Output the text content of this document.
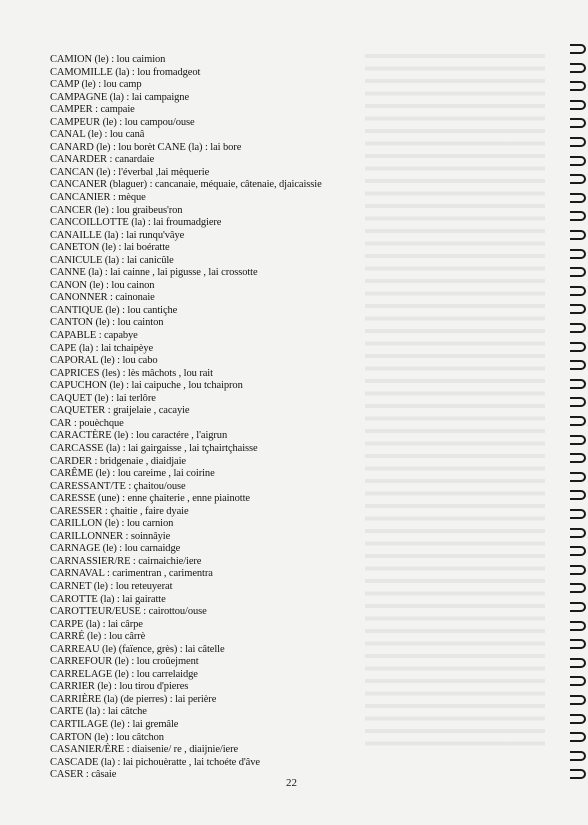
CAMION (le) : lou caimion
CAMOMILLE (la) : lou fromadgeot
CAMP (le) : lou camp
CAMPAGNE (la) : lai campaigne
CAMPER : campaie
CAMPEUR (le) : lou campou/ouse
CANAL (le) : lou canâ
CANARD (le) : lou borèt CANE (la) : lai bore
CANARDER : canardaie
CANCAN (le) : l'éverbal ,lai mèquerie
CANCANER (blaguer) : cancanaie, méquaie, câtenaie, djaicaissie
CANCANIER : mèque
CANCER (le) : lou graibeus'ron
CANCOILLOTTE (la) : lai froumadgiere
CANAILLE (la) : lai runqu'vâye
CANETON (le) : lai boératte
CANICULE (la) : lai canicûle
CANNE (la) : lai cainne , lai pigusse , lai crossotte
CANON (le) : lou cainon
CANONNER : cainonaie
CANTIQUE (le) : lou cantiçhe
CANTON (le) : lou cainton
CAPABLE : capabye
CAPE (la) : lai tchaipèye
CAPORAL (le) : lou cabo
CAPRICES (les) : lès mâchots , lou rait
CAPUCHON (le) : lai caipuche , lou tchaipron
CAQUET (le) : lai terlôre
CAQUETER : graijelaie , cacayie
CAR : pouèchque
CARACTÈRE (le) : lou caractére , l'aigrun
CARCASSE (la) : lai gairgaisse , lai tçhairtçhaisse
CARDER : bridgenaie , diaidjaie
CARÊME (le) : lou careime , lai coirine
CARESSANT/TE : çhaitou/ouse
CARESSE (une) : enne çhaiterie , enne piainotte
CARESSER : çhaitie , faire dyaie
CARILLON (le) : lou carnion
CARILLONNER : soinnâyie
CARNAGE (le) : lou carnaidge
CARNASSIER/RE : cairnaichie/iere
CARNAVAL : carimentran , carimentra
CARNET (le) : lou reteuyerat
CAROTTE (la) : lai gairatte
CAROTTEUR/EUSE : cairottou/ouse
CARPE (la) : lai cârpe
CARRÉ (le) : lou cârrè
CARREAU (le) (faïence, grès) : lai câtelle
CARREFOUR (le) : lou croûejment
CARRELAGE (le) : lou carrelaidge
CARRIER (le) : lou tirou d'pieres
CARRIÈRE (la) (de pierres) : lai perière
CARTE (la) : lai câtche
CARTILAGE (le) : lai gremâle
CARTON (le) : lou câtchon
CASANIER/ÈRE : diaisenie/ re , diaijnie/iere
CASCADE (la) : lai pichouèratte , lai tchoéte d'âve
CASER : câsaie
22
